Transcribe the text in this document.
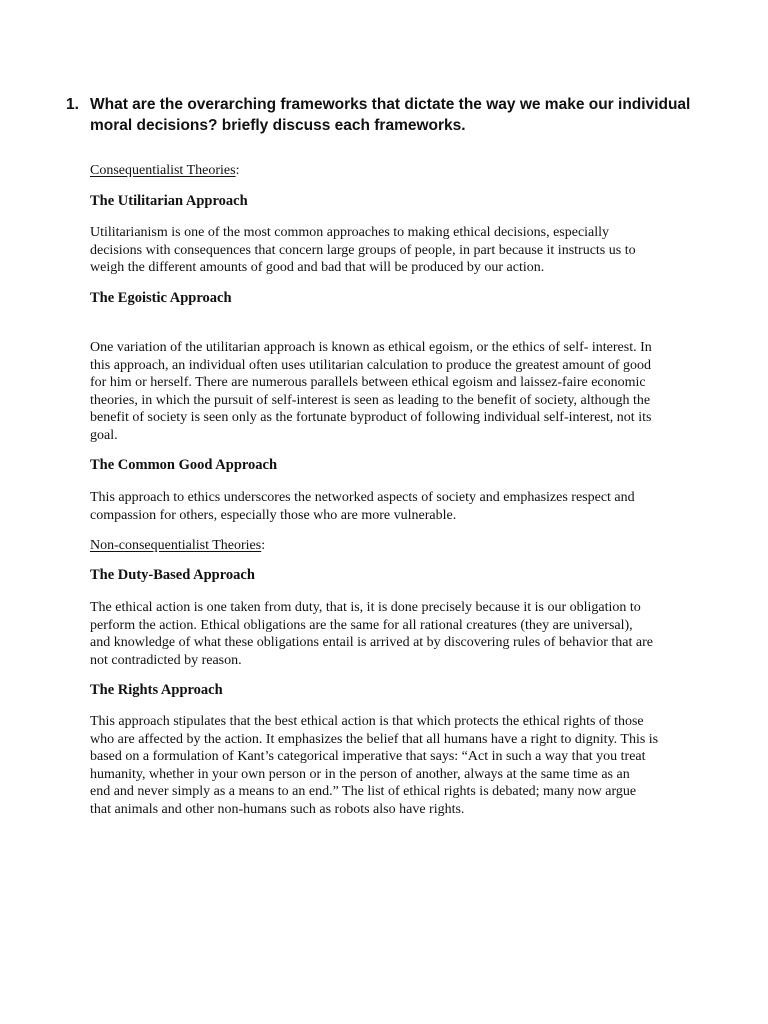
1. What are the overarching frameworks that dictate the way we make our individual moral decisions? briefly discuss each frameworks.
Consequentialist Theories:
The Utilitarian Approach
Utilitarianism is one of the most common approaches to making ethical decisions, especially
decisions with consequences that concern large groups of people, in part because it instructs us to
weigh the different amounts of good and bad that will be produced by our action.
The Egoistic Approach
One variation of the utilitarian approach is known as ethical egoism, or the ethics of self- interest. In
this approach, an individual often uses utilitarian calculation to produce the greatest amount of good
for him or herself. There are numerous parallels between ethical egoism and laissez-faire economic
theories, in which the pursuit of self-interest is seen as leading to the benefit of society, although the
benefit of society is seen only as the fortunate byproduct of following individual self-interest, not its
goal.
The Common Good Approach
This approach to ethics underscores the networked aspects of society and emphasizes respect and
compassion for others, especially those who are more vulnerable.
Non-consequentialist Theories:
The Duty-Based Approach
The ethical action is one taken from duty, that is, it is done precisely because it is our obligation to
perform the action. Ethical obligations are the same for all rational creatures (they are universal),
and knowledge of what these obligations entail is arrived at by discovering rules of behavior that are
not contradicted by reason.
The Rights Approach
This approach stipulates that the best ethical action is that which protects the ethical rights of those
who are affected by the action. It emphasizes the belief that all humans have a right to dignity. This is
based on a formulation of Kant’s categorical imperative that says: “Act in such a way that you treat
humanity, whether in your own person or in the person of another, always at the same time as an
end and never simply as a means to an end.” The list of ethical rights is debated; many now argue
that animals and other non-humans such as robots also have rights.
